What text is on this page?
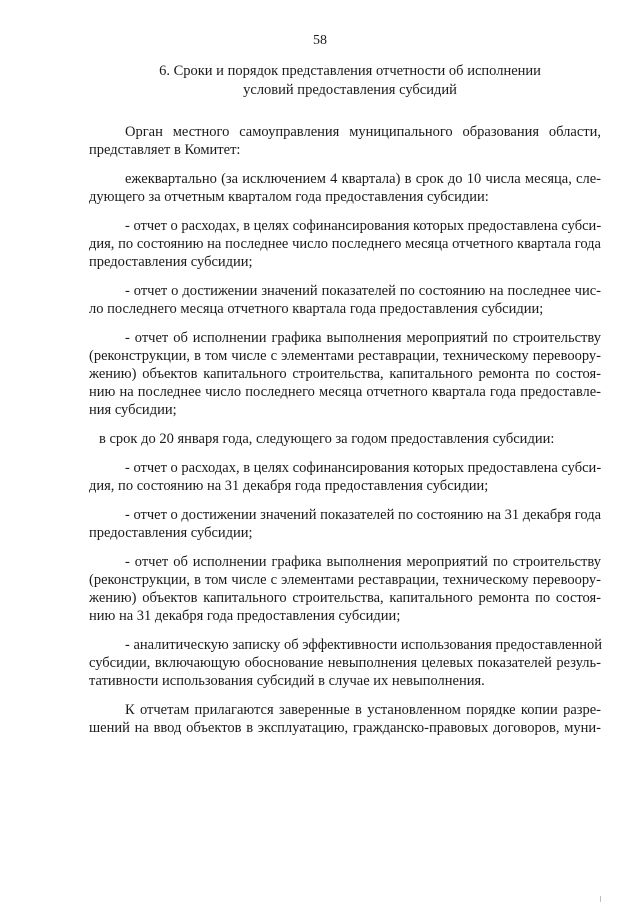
58
6. Сроки и порядок представления отчетности об исполнении
условий предоставления субсидий
Орган местного самоуправления муниципального образования области,
представляет в Комитет:
ежеквартально (за исключением 4 квартала) в срок до 10 числа месяца, сле-
дующего за отчетным кварталом года предоставления субсидии:
- отчет о расходах, в целях софинансирования которых предоставлена субси-
дия, по состоянию на последнее число последнего месяца отчетного квартала года
предоставления субсидии;
- отчет о достижении значений показателей по состоянию на последнее чис-
ло последнего месяца отчетного квартала года предоставления субсидии;
- отчет об исполнении графика выполнения мероприятий по строительству
(реконструкции, в том числе с элементами реставрации, техническому перевоору-
жению) объектов капитального строительства, капитального ремонта по состоя-
нию на последнее число последнего месяца отчетного квартала года предоставле-
ния субсидии;
в срок до 20 января года, следующего за годом предоставления субсидии:
- отчет о расходах, в целях софинансирования которых предоставлена субси-
дия, по состоянию на 31 декабря года предоставления субсидии;
- отчет о достижении значений показателей по состоянию на 31 декабря года
предоставления субсидии;
- отчет об исполнении графика выполнения мероприятий по строительству
(реконструкции, в том числе с элементами реставрации, техническому перевоору-
жению) объектов капитального строительства, капитального ремонта по состоя-
нию на 31 декабря года предоставления субсидии;
- аналитическую записку об эффективности использования предоставленной
субсидии, включающую обоснование невыполнения целевых показателей резуль-
тативности использования субсидий в случае их невыполнения.
К отчетам прилагаются заверенные в установленном порядке копии разре-
шений на ввод объектов в эксплуатацию, гражданско-правовых договоров, муни-
